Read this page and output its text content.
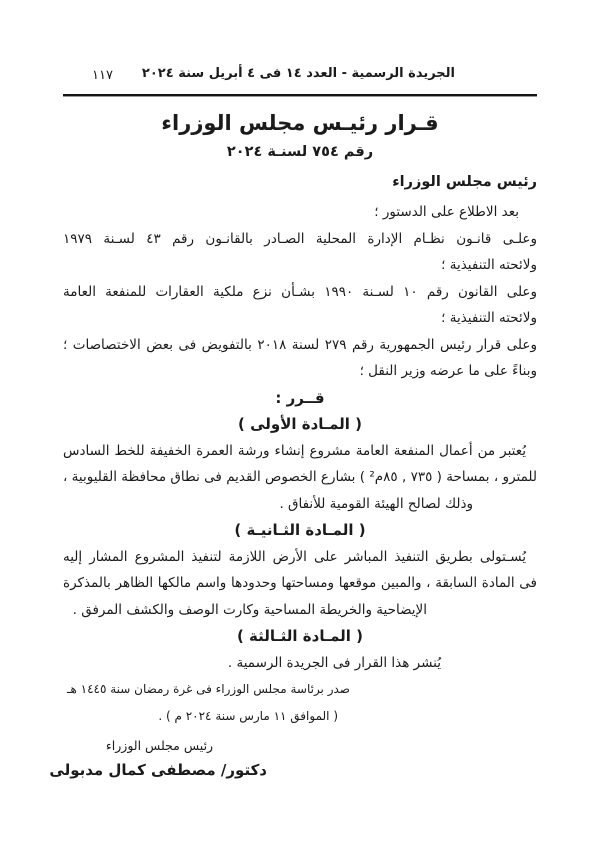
الجريدة الرسمية - العدد ١٤ فى ٤ أبريل سنة ٢٠٢٤
١١٧
قـرار رئيـس مجلس الوزراء
رقم ٧٥٤ لسنـة ٢٠٢٤
رئيس مجلس الوزراء
بعد الاطلاع على الدستور ؛
وعلـى قانـون نظـام الإدارة المحلية الصـادر بالقانـون رقم ٤٣ لسـنة ١٩٧٩
ولائحته التنفيذية ؛
وعلى القانون رقم ١٠ لسـنة ١٩٩٠ بشـأن نزع ملكية العقارات للمنفعة العامة
ولائحته التنفيذية ؛
وعلى قرار رئيس الجمهورية رقم ٢٧٩ لسنة ٢٠١٨ بالتفويض فى بعض الاختصاصات ؛
وبناءً على ما عرضه وزير النقل ؛
قــرر :
( المـادة الأولى )
يُعتبر من أعمال المنفعة العامة مشروع إنشاء ورشة العمرة الخفيفة للخط السادس
للمترو ، بمساحة ( ٧٣٥ , ٨٥م² ) بشارع الخصوص القديم فى نطاق محافظة القليوبية ،
وذلك لصالح الهيئة القومية للأنفاق .
( المـادة الثـانيـة )
يُسـتولى بطريق التنفيذ المباشر على الأرض اللازمة لتنفيذ المشروع المشار إليه
فى المادة السابقة ، والمبين موقعها ومساحتها وحدودها واسم مالكها الظاهر بالمذكرة
الإيضاحية والخريطة المساحية وكارت الوصف والكشف المرفق .
( المـادة الثـالثة )
يُنشر هذا القرار فى الجريدة الرسمية .
صدر برئاسة مجلس الوزراء فى غرة رمضان سنة ١٤٤٥ هـ
( الموافق ١١ مارس سنة ٢٠٢٤ م ) .
رئيس مجلس الوزراء
دكتور/ مصطفى كمال مدبولى
